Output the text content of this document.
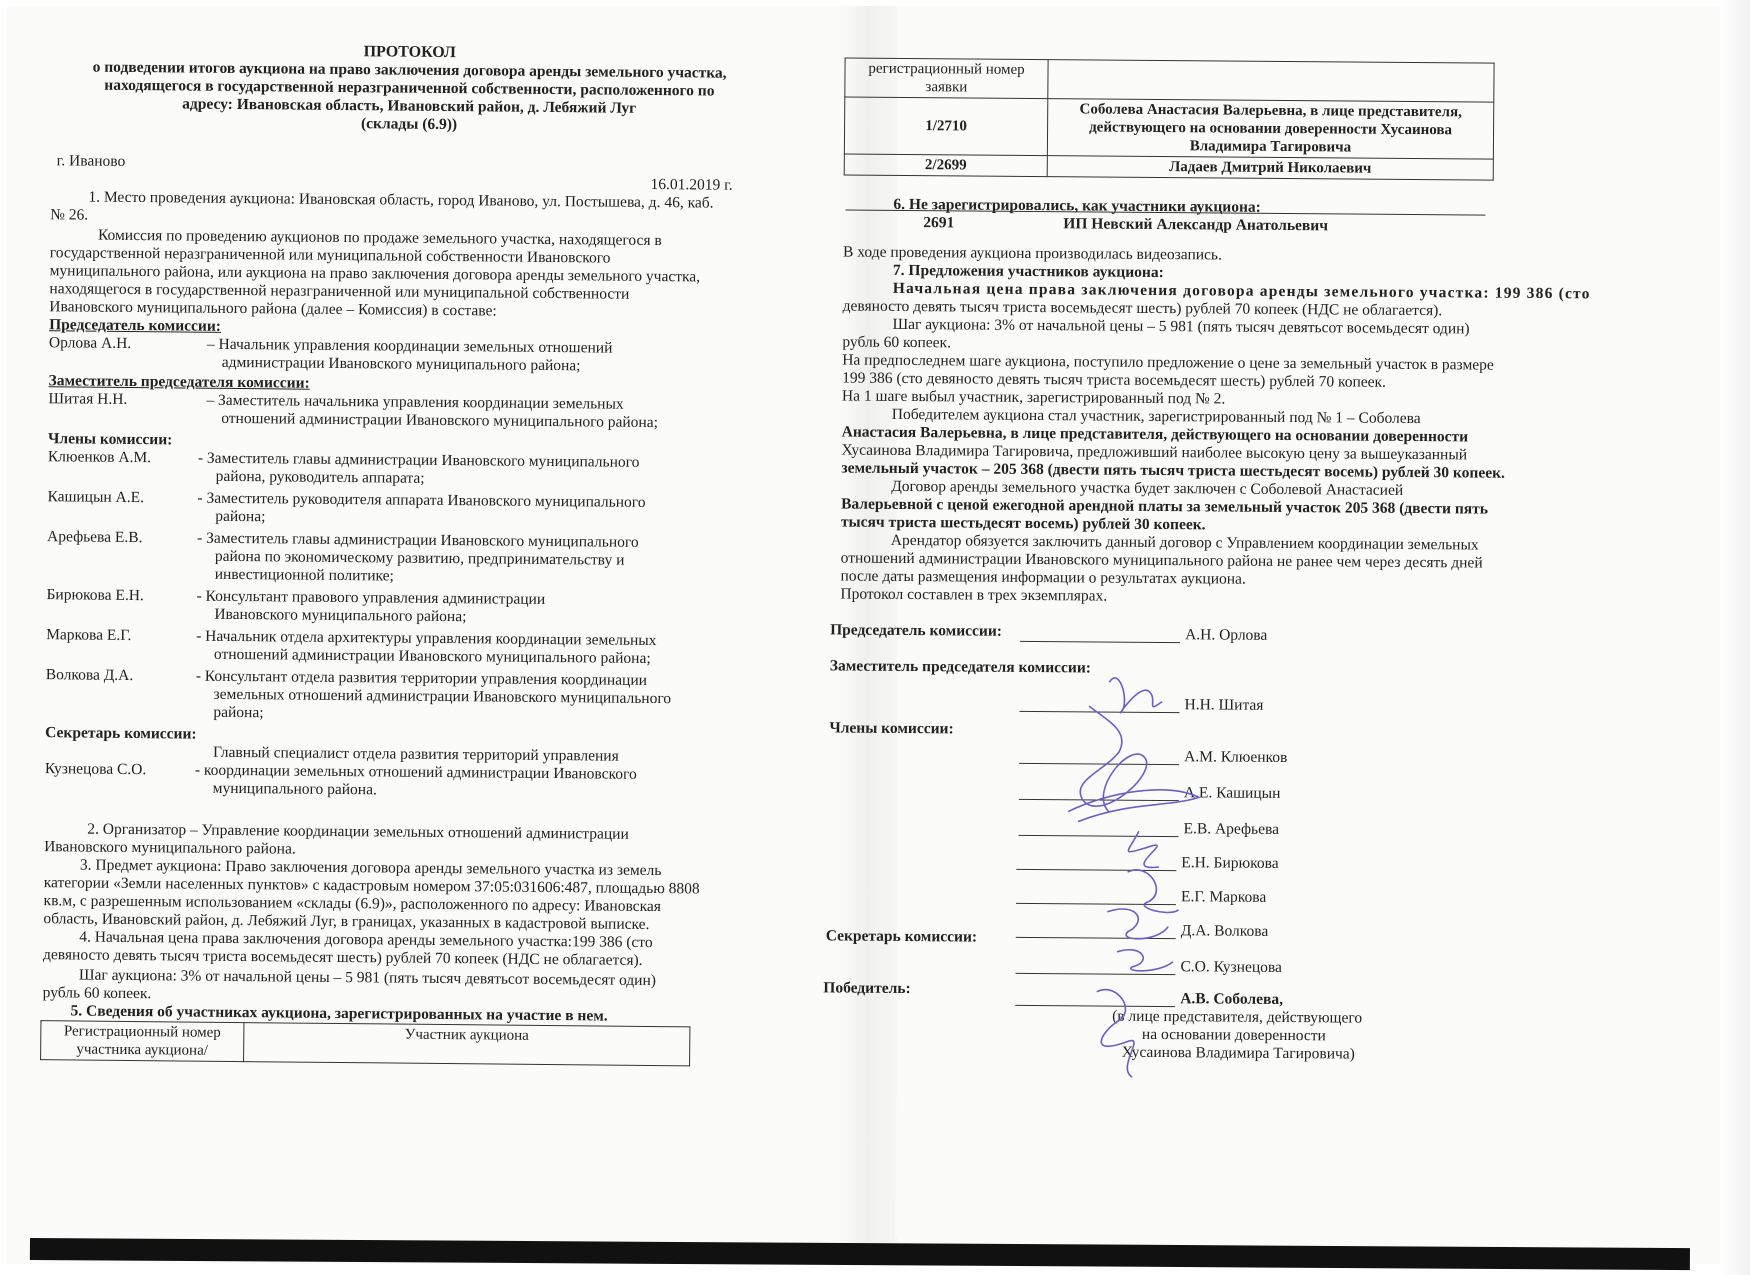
ПРОТОКОЛ
о подведении итогов аукциона на право заключения договора аренды земельного участка,
находящегося в государственной неразграниченной собственности, расположенного по
адресу: Ивановская область, Ивановский район, д. Лебяжий Луг
(склады (6.9))
г. Иваново
16.01.2019 г.
1. Место проведения аукциона: Ивановская область, город Иваново, ул. Постышева, д. 46, каб.
№ 26.
Комиссия по проведению аукционов по продаже земельного участка, находящегося в
государственной неразграниченной или муниципальной собственности Ивановского
муниципального района, или аукциона на право заключения договора аренды земельного участка,
находящегося в государственной неразграниченной или муниципальной собственности
Ивановского муниципального района (далее – Комиссия) в составе:
Председатель комиссии:
Орлова А.Н.	– Начальник управления координации земельных отношений
администрации Ивановского муниципального района;
Заместитель председателя комиссии:
Шитая Н.Н.	– Заместитель начальника управления координации земельных
отношений администрации Ивановского муниципального района;
Члены комиссии:
Клюенков А.М.	- Заместитель главы администрации Ивановского муниципального
района, руководитель аппарата;
Кашицын А.Е.	- Заместитель руководителя аппарата Ивановского муниципального
района;
Арефьева Е.В.	- Заместитель главы администрации Ивановского муниципального
района по экономическому развитию, предпринимательству и
инвестиционной политике;
Бирюкова Е.Н.	- Консультант правового управления администрации
Ивановского муниципального района;
Маркова Е.Г.	- Начальник отдела архитектуры управления координации земельных
отношений администрации Ивановского муниципального района;
Волкова Д.А.	- Консультант отдела развития территории управления координации
земельных отношений администрации Ивановского муниципального
района;
Секретарь комиссии:
Главный специалист отдела развития территорий управления
Кузнецова С.О.	- координации земельных отношений администрации Ивановского
муниципального района.
2. Организатор – Управление координации земельных отношений администрации
Ивановского муниципального района.
3. Предмет аукциона: Право заключения договора аренды земельного участка из земель
категории «Земли населенных пунктов» с кадастровым номером 37:05:031606:487, площадью 8808
кв.м, с разрешенным использованием «склады (6.9)», расположенного по адресу: Ивановская
область, Ивановский район, д. Лебяжий Луг, в границах, указанных в кадастровой выписке.
4. Начальная цена права заключения договора аренды земельного участка:199 386 (сто
девяносто девять тысяч триста восемьдесят шесть) рублей 70 копеек (НДС не облагается).
Шаг аукциона: 3% от начальной цены – 5 981 (пять тысяч девятьсот восемьдесят один)
рубль 60 копеек.
5. Сведения об участниках аукциона, зарегистрированных на участие в нем.
Регистрационный номер
участника аукциона/

Участник аукциона
регистрационный номер
заявки	

1/2710	Соболева Анастасия Валерьевна, в лице представителя,
действующего на основании доверенности Хусаинова
Владимира Тагировича

2/2699	Ладаев Дмитрий Николаевич
6. Не зарегистрировались, как участники аукциона:
2691	ИП Невский Александр Анатольевич
В ходе проведения аукциона производилась видеозапись.
7. Предложения участников аукциона:
Начальная цена права заключения договора аренды земельного участка: 199 386 (сто
девяносто девять тысяч триста восемьдесят шесть) рублей 70 копеек (НДС не облагается).
Шаг аукциона: 3% от начальной цены – 5 981 (пять тысяч девятьсот восемьдесят один)
рубль 60 копеек.
На предпоследнем шаге аукциона, поступило предложение о цене за земельный участок в размере
199 386 (сто девяносто девять тысяч триста восемьдесят шесть) рублей 70 копеек.
На 1 шаге выбыл участник, зарегистрированный под № 2.
Победителем аукциона стал участник, зарегистрированный под № 1 – Соболева
Анастасия Валерьевна, в лице представителя, действующего на основании доверенности
Хусаинова Владимира Тагировича, предложивший наиболее высокую цену за вышеуказанный
земельный участок – 205 368 (двести пять тысяч триста шестьдесят восемь) рублей 30 копеек.
Договор аренды земельного участка будет заключен с Соболевой Анастасией
Валерьевной с ценой ежегодной арендной платы за земельный участок 205 368 (двести пять
тысяч триста шестьдесят восемь) рублей 30 копеек.
Арендатор обязуется заключить данный договор с Управлением координации земельных
отношений администрации Ивановского муниципального района не ранее чем через десять дней
после даты размещения информации о результатах аукциона.
Протокол составлен в трех экземплярах.
Председатель комиссии:	А.Н. Орлова
Заместитель председателя комиссии:
Н.Н. Шитая
Члены комиссии:
А.М. Клюенков
А.Е. Кашицын
Е.В. Арефьева
Е.Н. Бирюкова
Е.Г. Маркова
Д.А. Волкова
Секретарь комиссии:
С.О. Кузнецова
Победитель:
А.В. Соболева,
(в лице представителя, действующего
на основании доверенности
Хусаинова Владимира Тагировича)
